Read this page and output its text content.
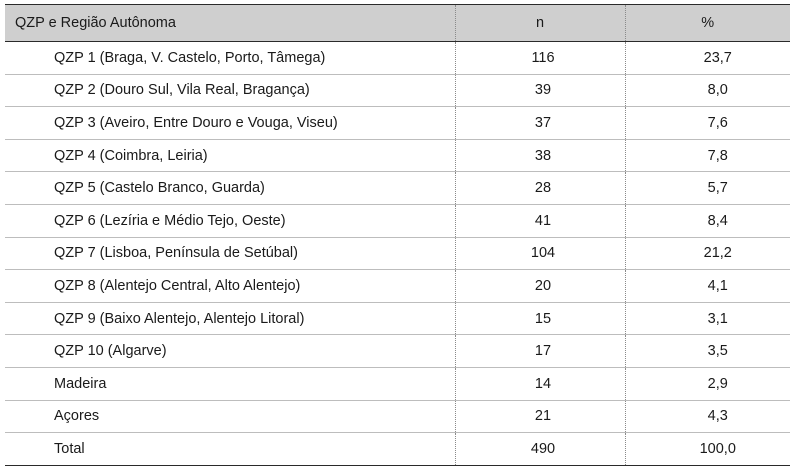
QZP e Região Autônoma	n	%
QZP 1 (Braga, V. Castelo, Porto, Tâmega)	116	23,7
QZP 2 (Douro Sul, Vila Real, Bragança)	39	8,0
QZP 3 (Aveiro, Entre Douro e Vouga, Viseu)	37	7,6
QZP 4 (Coimbra, Leiria)	38	7,8
QZP 5 (Castelo Branco, Guarda)	28	5,7
QZP 6 (Lezíria e Médio Tejo, Oeste)	41	8,4
QZP 7 (Lisboa, Península de Setúbal)	104	21,2
QZP 8 (Alentejo Central, Alto Alentejo)	20	4,1
QZP 9 (Baixo Alentejo, Alentejo Litoral)	15	3,1
QZP 10 (Algarve)	17	3,5
Madeira	14	2,9
Açores	21	4,3
Total	490	100,0
